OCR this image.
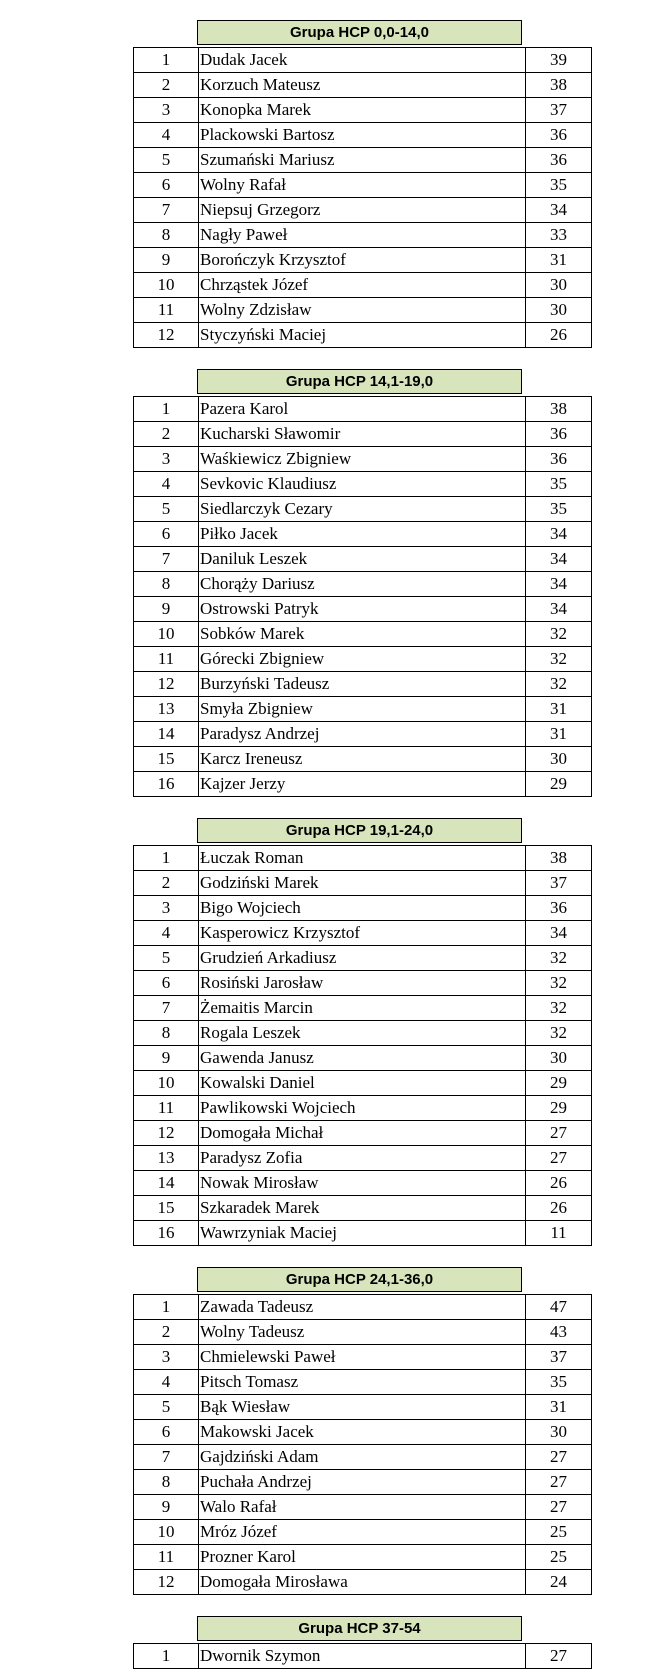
Grupa HCP 0,0-14,0
1	Dudak Jacek	39
2	Korzuch Mateusz	38
3	Konopka Marek	37
4	Plackowski Bartosz	36
5	Szumański Mariusz	36
6	Wolny Rafał	35
7	Niepsuj Grzegorz	34
8	Nagły Paweł	33
9	Borończyk Krzysztof	31
10	Chrząstek Józef	30
11	Wolny Zdzisław	30
12	Styczyński Maciej	26
Grupa HCP 14,1-19,0
1	Pazera Karol	38
2	Kucharski Sławomir	36
3	Waśkiewicz Zbigniew	36
4	Sevkovic Klaudiusz	35
5	Siedlarczyk Cezary	35
6	Piłko Jacek	34
7	Daniluk Leszek	34
8	Chorąży Dariusz	34
9	Ostrowski Patryk	34
10	Sobków Marek	32
11	Górecki Zbigniew	32
12	Burzyński Tadeusz	32
13	Smyła Zbigniew	31
14	Paradysz Andrzej	31
15	Karcz Ireneusz	30
16	Kajzer Jerzy	29
Grupa HCP 19,1-24,0
1	Łuczak Roman	38
2	Godziński Marek	37
3	Bigo Wojciech	36
4	Kasperowicz Krzysztof	34
5	Grudzień Arkadiusz	32
6	Rosiński Jarosław	32
7	Żemaitis Marcin	32
8	Rogala Leszek	32
9	Gawenda Janusz	30
10	Kowalski Daniel	29
11	Pawlikowski Wojciech	29
12	Domogała Michał	27
13	Paradysz Zofia	27
14	Nowak Mirosław	26
15	Szkaradek Marek	26
16	Wawrzyniak Maciej	11
Grupa HCP 24,1-36,0
1	Zawada Tadeusz	47
2	Wolny Tadeusz	43
3	Chmielewski Paweł	37
4	Pitsch Tomasz	35
5	Bąk Wiesław	31
6	Makowski Jacek	30
7	Gajdziński Adam	27
8	Puchała Andrzej	27
9	Walo Rafał	27
10	Mróz Józef	25
11	Prozner Karol	25
12	Domogała Mirosława	24
Grupa HCP 37-54
1	Dwornik Szymon	27
